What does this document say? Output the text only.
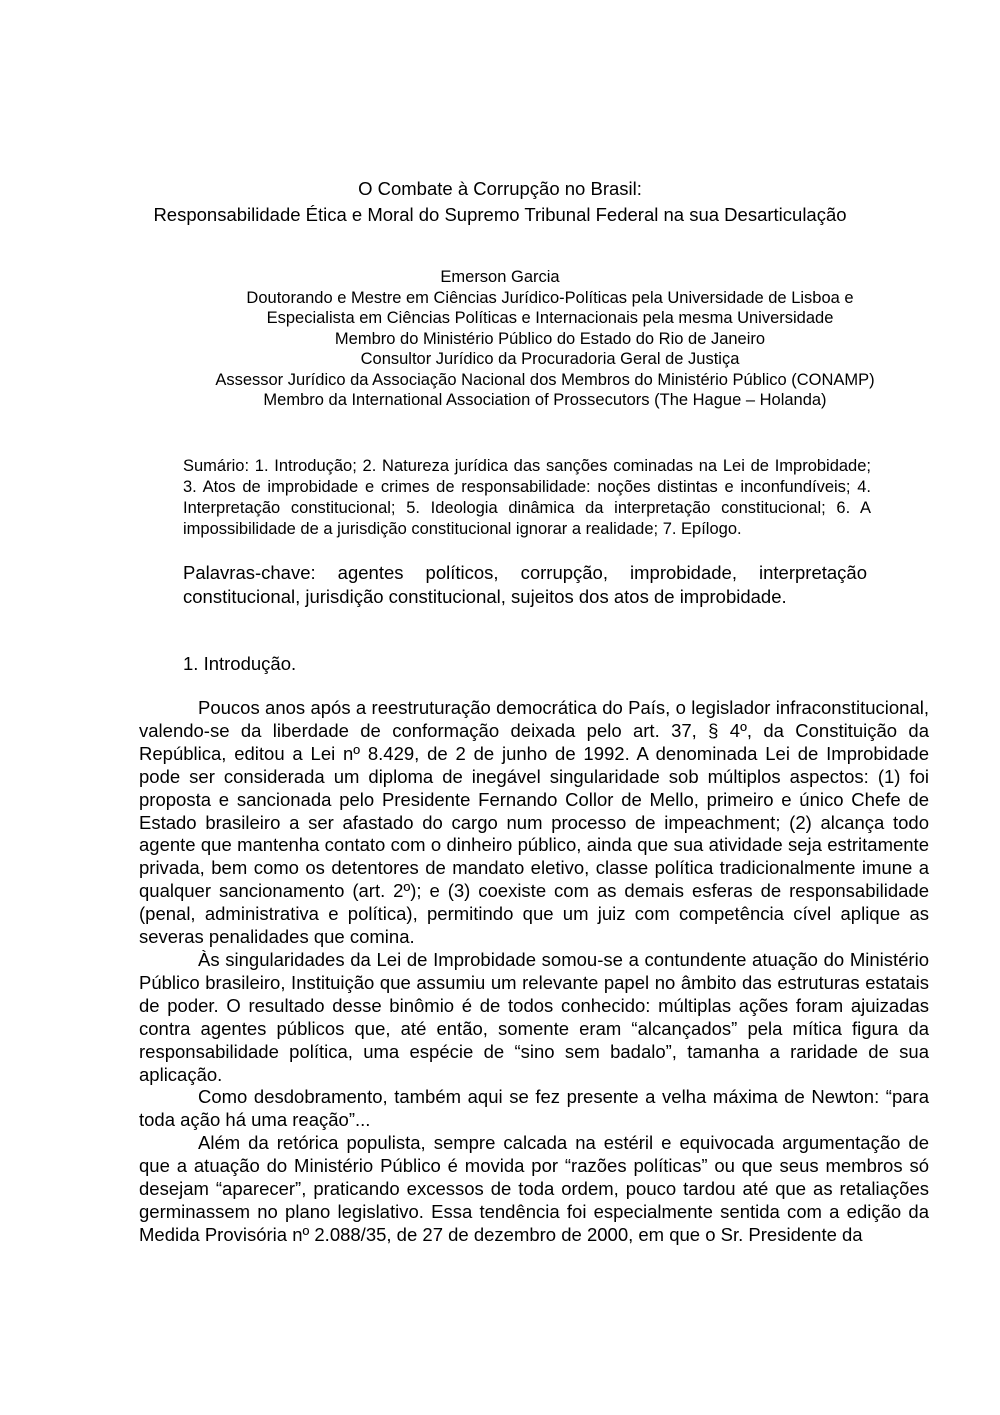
O Combate à Corrupção no Brasil:
Responsabilidade Ética e Moral do Supremo Tribunal Federal na sua Desarticulação
Emerson Garcia
Doutorando e Mestre em Ciências Jurídico-Políticas pela Universidade de Lisboa e
Especialista em Ciências Políticas e Internacionais pela mesma Universidade
Membro do Ministério Público do Estado do Rio de Janeiro
Consultor Jurídico da Procuradoria Geral de Justiça
Assessor Jurídico da Associação Nacional dos Membros do Ministério Público (CONAMP)
Membro da International Association of Prossecutors (The Hague – Holanda)
Sumário: 1. Introdução; 2. Natureza jurídica das sanções cominadas na Lei de Improbidade; 3. Atos de improbidade e crimes de responsabilidade: noções distintas e inconfundíveis; 4. Interpretação constitucional; 5. Ideologia dinâmica da interpretação constitucional; 6. A impossibilidade de a jurisdição constitucional ignorar a realidade; 7. Epílogo.
Palavras-chave: agentes políticos, corrupção, improbidade, interpretação constitucional, jurisdição constitucional, sujeitos dos atos de improbidade.
1. Introdução.

Poucos anos após a reestruturação democrática do País, o legislador infraconstitucional, valendo-se da liberdade de conformação deixada pelo art. 37, § 4º, da Constituição da República, editou a Lei nº 8.429, de 2 de junho de 1992. A denominada Lei de Improbidade pode ser considerada um diploma de inegável singularidade sob múltiplos aspectos: (1) foi proposta e sancionada pelo Presidente Fernando Collor de Mello, primeiro e único Chefe de Estado brasileiro a ser afastado do cargo num processo de impeachment; (2) alcança todo agente que mantenha contato com o dinheiro público, ainda que sua atividade seja estritamente privada, bem como os detentores de mandato eletivo, classe política tradicionalmente imune a qualquer sancionamento (art. 2º); e (3) coexiste com as demais esferas de responsabilidade (penal, administrativa e política), permitindo que um juiz com competência cível aplique as severas penalidades que comina.

Às singularidades da Lei de Improbidade somou-se a contundente atuação do Ministério Público brasileiro, Instituição que assumiu um relevante papel no âmbito das estruturas estatais de poder. O resultado desse binômio é de todos conhecido: múltiplas ações foram ajuizadas contra agentes públicos que, até então, somente eram “alcançados” pela mítica figura da responsabilidade política, uma espécie de “sino sem badalo”, tamanha a raridade de sua aplicação.

Como desdobramento, também aqui se fez presente a velha máxima de Newton: “para toda ação há uma reação”...

Além da retórica populista, sempre calcada na estéril e equivocada argumentação de que a atuação do Ministério Público é movida por “razões políticas” ou que seus membros só desejam “aparecer”, praticando excessos de toda ordem, pouco tardou até que as retaliações germinassem no plano legislativo. Essa tendência foi especialmente sentida com a edição da Medida Provisória nº 2.088/35, de 27 de dezembro de 2000, em que o Sr. Presidente da
